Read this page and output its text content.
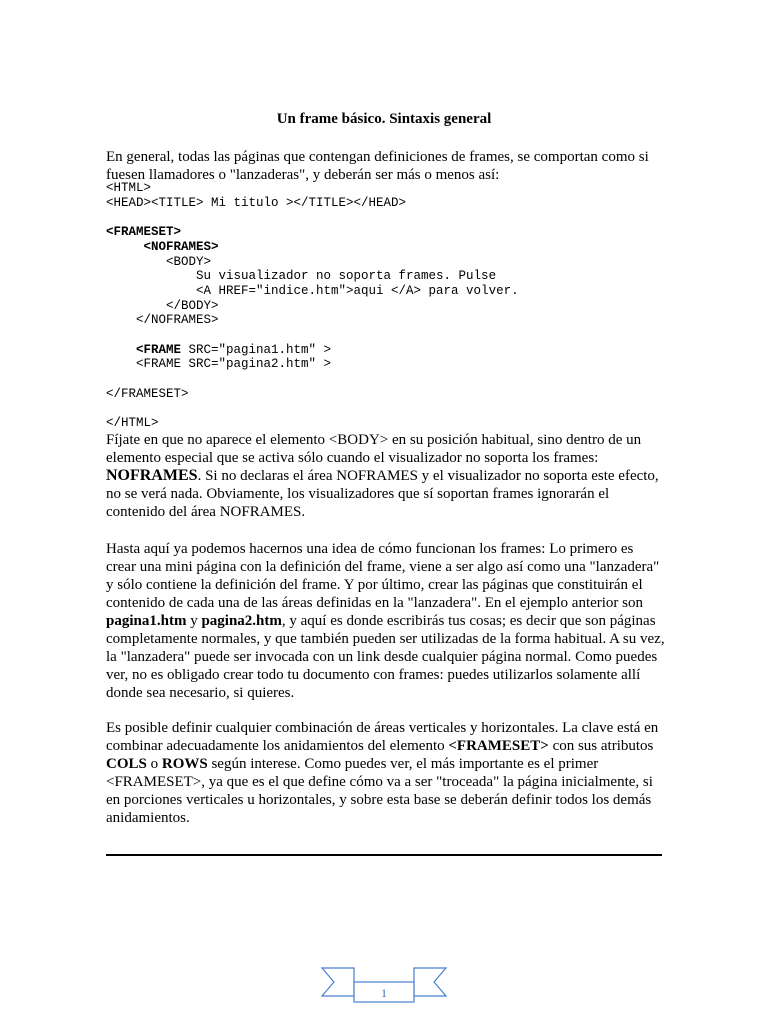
Un frame básico. Sintaxis general

En general, todas las páginas que contengan definiciones de frames, se comportan como si fuesen llamadores o "lanzaderas", y deberán ser más o menos así:

<HTML>
<HEAD><TITLE> Mi titulo ></TITLE></HEAD>

<FRAMESET>
<NOFRAMES>
<BODY>
Su visualizador no soporta frames. Pulse
<A HREF="indice.htm">aqui </A> para volver.
</BODY>
</NOFRAMES>

<FRAME SRC="pagina1.htm" >
<FRAME SRC="pagina2.htm" >

</FRAMESET>

</HTML>

Fíjate en que no aparece el elemento <BODY> en su posición habitual, sino dentro de un elemento especial que se activa sólo cuando el visualizador no soporta los frames: NOFRAMES. Si no declaras el área NOFRAMES y el visualizador no soporta este efecto, no se verá nada. Obviamente, los visualizadores que sí soportan frames ignorarán el contenido del área NOFRAMES.

Hasta aquí ya podemos hacernos una idea de cómo funcionan los frames: Lo primero es crear una mini página con la definición del frame, viene a ser algo así como una "lanzadera" y sólo contiene la definición del frame. Y por último, crear las páginas que constituirán el contenido de cada una de las áreas definidas en la "lanzadera". En el ejemplo anterior son pagina1.htm y pagina2.htm, y aquí es donde escribirás tus cosas; es decir que son páginas completamente normales, y que también pueden ser utilizadas de la forma habitual. A su vez, la "lanzadera" puede ser invocada con un link desde cualquier página normal. Como puedes ver, no es obligado crear todo tu documento con frames: puedes utilizarlos solamente allí donde sea necesario, si quieres.

Es posible definir cualquier combinación de áreas verticales y horizontales. La clave está en combinar adecuadamente los anidamientos del elemento <FRAMESET> con sus atributos COLS o ROWS según interese. Como puedes ver, el más importante es el primer <FRAMESET>, ya que es el que define cómo va a ser "troceada" la página inicialmente, si en porciones verticales u horizontales, y sobre esta base se deberán definir todos los demás anidamientos.

1
